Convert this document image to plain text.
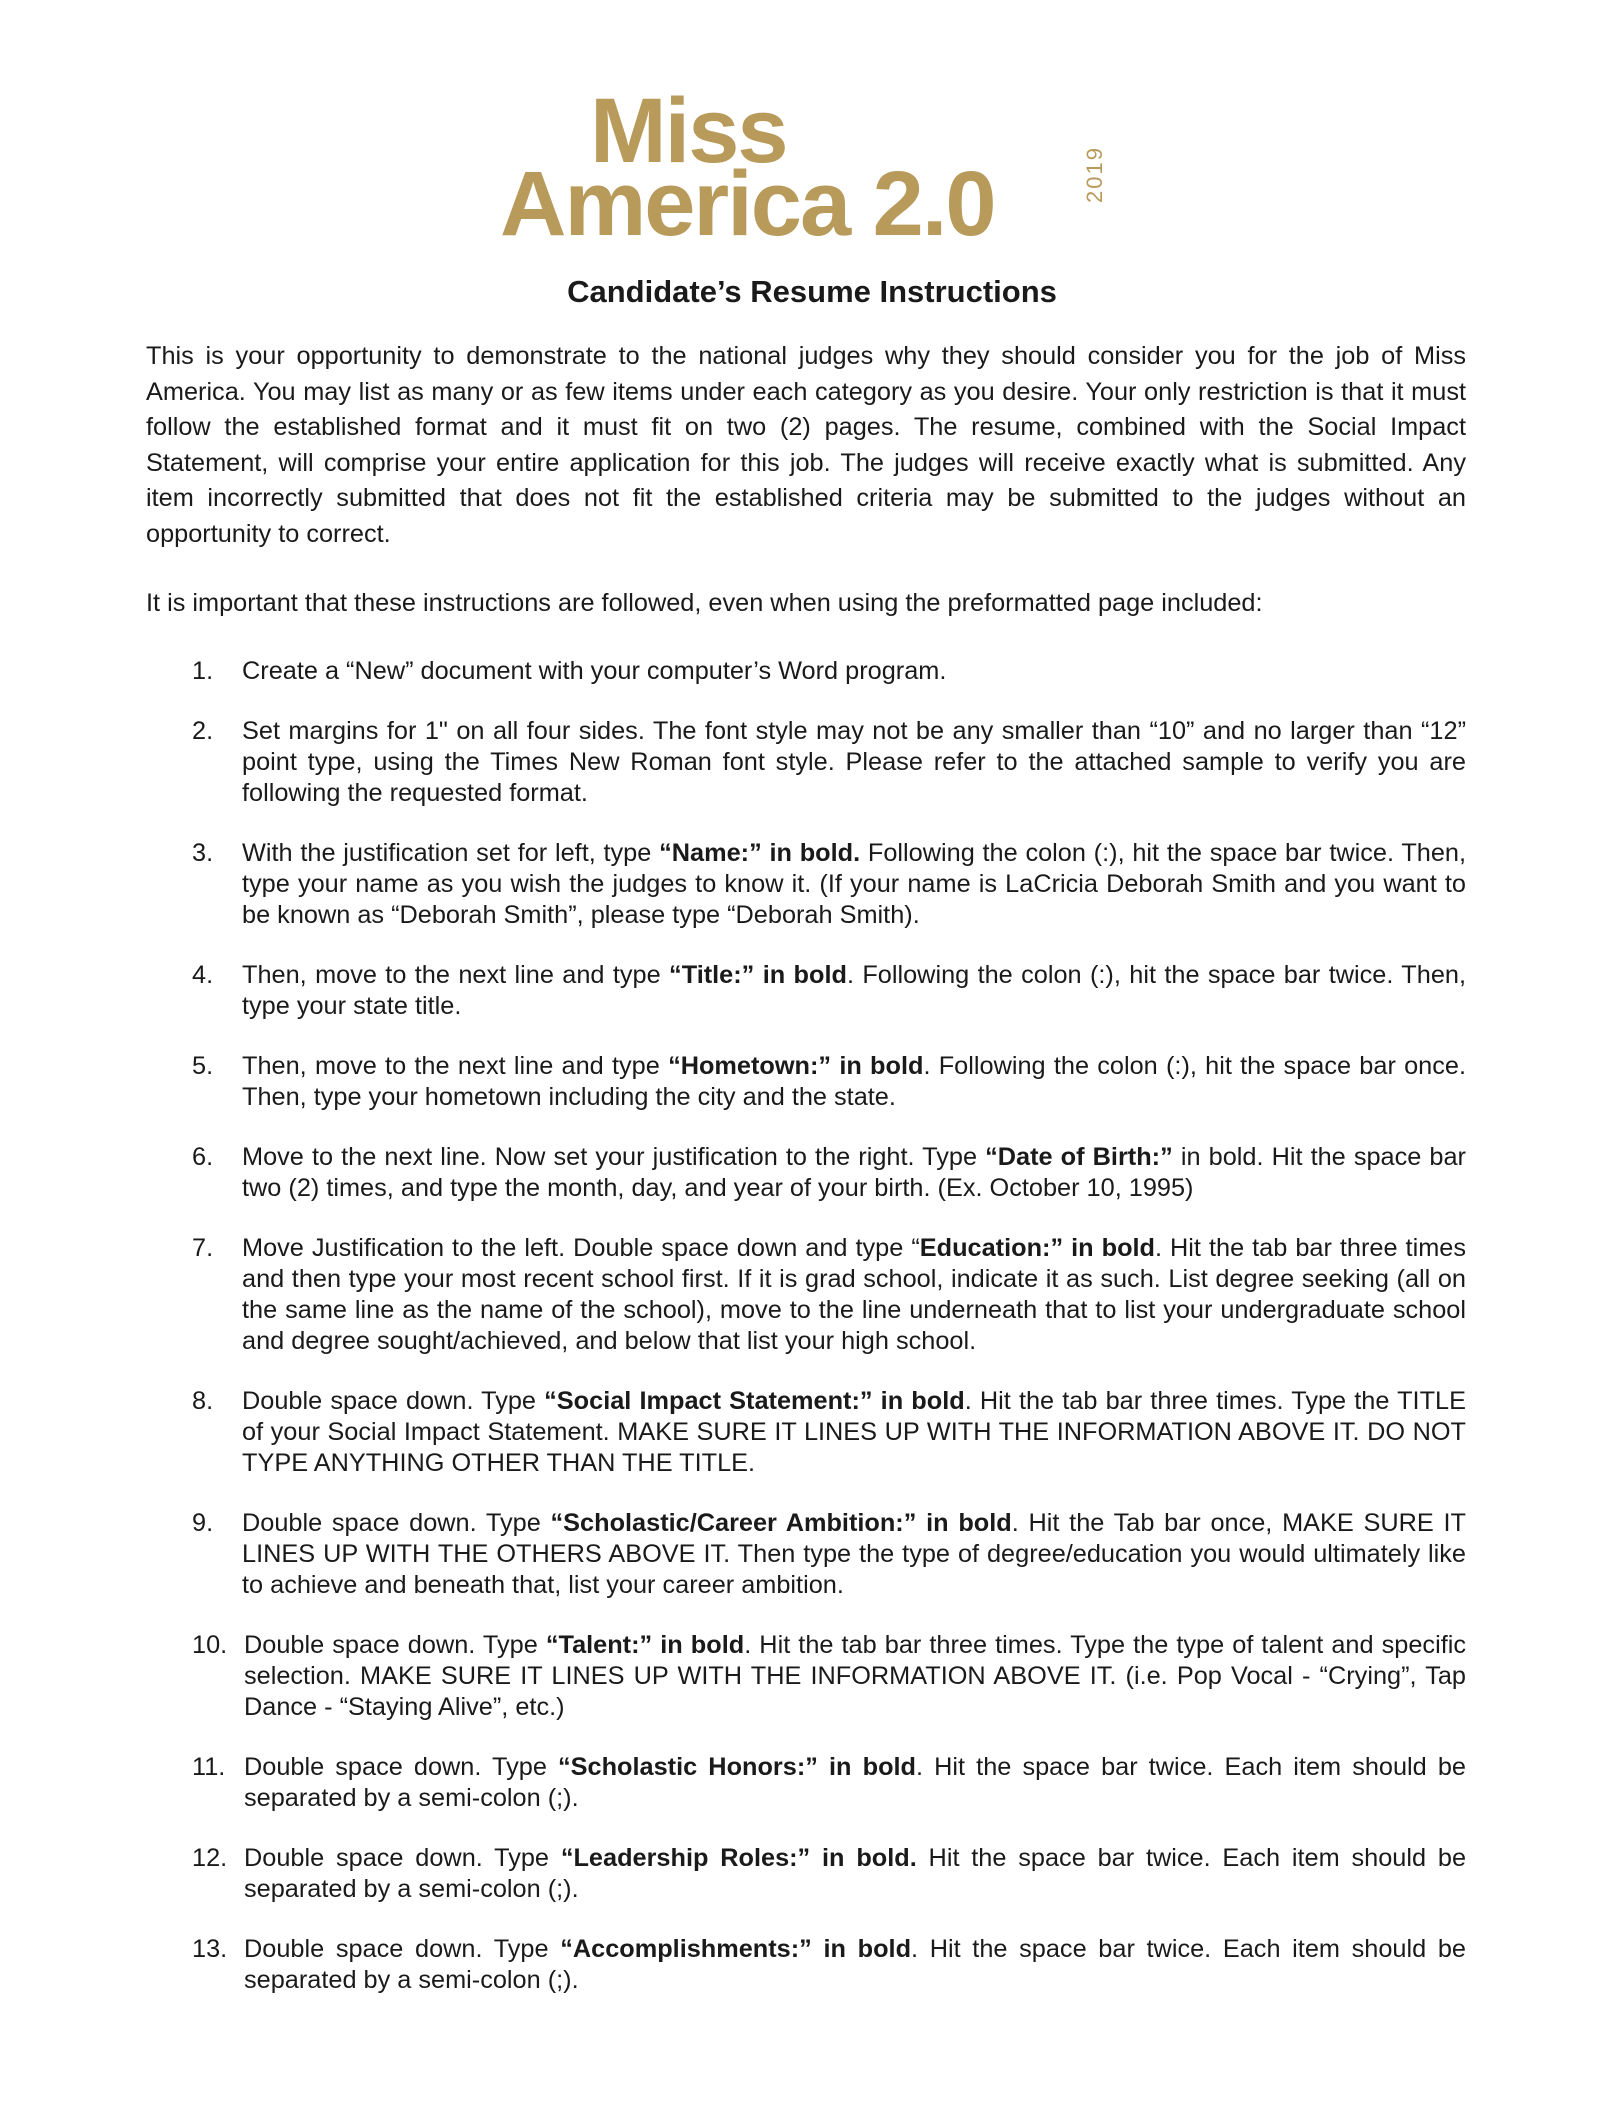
Miss
America 2.0	2019
Candidate’s Resume Instructions

This is your opportunity to demonstrate to the national judges why they should consider you for the job of Miss America. You may list as many or as few items under each category as you desire. Your only restriction is that it must follow the established format and it must fit on two (2) pages. The resume, combined with the Social Impact Statement, will comprise your entire application for this job. The judges will receive exactly what is submitted. Any item incorrectly submitted that does not fit the established criteria may be submitted to the judges without an opportunity to correct.

It is important that these instructions are followed, even when using the preformatted page included:

1. Create a “New” document with your computer’s Word program.
2. Set margins for 1" on all four sides. The font style may not be any smaller than “10” and no larger than “12” point type, using the Times New Roman font style. Please refer to the attached sample to verify you are following the requested format.
3. With the justification set for left, type “Name:” in bold. Following the colon (:), hit the space bar twice. Then, type your name as you wish the judges to know it. (If your name is LaCricia Deborah Smith and you want to be known as “Deborah Smith”, please type “Deborah Smith).
4. Then, move to the next line and type “Title:” in bold. Following the colon (:), hit the space bar twice. Then, type your state title.
5. Then, move to the next line and type “Hometown:” in bold. Following the colon (:), hit the space bar once. Then, type your hometown including the city and the state.
6. Move to the next line. Now set your justification to the right. Type “Date of Birth:” in bold. Hit the space bar two (2) times, and type the month, day, and year of your birth. (Ex. October 10, 1995)
7. Move Justification to the left. Double space down and type “Education:” in bold. Hit the tab bar three times and then type your most recent school first. If it is grad school, indicate it as such. List degree seeking (all on the same line as the name of the school), move to the line underneath that to list your undergraduate school and degree sought/achieved, and below that list your high school.
8. Double space down. Type “Social Impact Statement:” in bold. Hit the tab bar three times. Type the TITLE of your Social Impact Statement. MAKE SURE IT LINES UP WITH THE INFORMATION ABOVE IT. DO NOT TYPE ANYTHING OTHER THAN THE TITLE.
9. Double space down. Type “Scholastic/Career Ambition:” in bold. Hit the Tab bar once, MAKE SURE IT LINES UP WITH THE OTHERS ABOVE IT. Then type the type of degree/education you would ultimately like to achieve and beneath that, list your career ambition.
10. Double space down. Type “Talent:” in bold. Hit the tab bar three times. Type the type of talent and specific selection. MAKE SURE IT LINES UP WITH THE INFORMATION ABOVE IT. (i.e. Pop Vocal - “Crying”, Tap Dance - “Staying Alive”, etc.)
11. Double space down. Type “Scholastic Honors:” in bold. Hit the space bar twice. Each item should be separated by a semi-colon (;).
12. Double space down. Type “Leadership Roles:” in bold. Hit the space bar twice. Each item should be separated by a semi-colon (;).
13. Double space down. Type “Accomplishments:” in bold. Hit the space bar twice. Each item should be separated by a semi-colon (;).
